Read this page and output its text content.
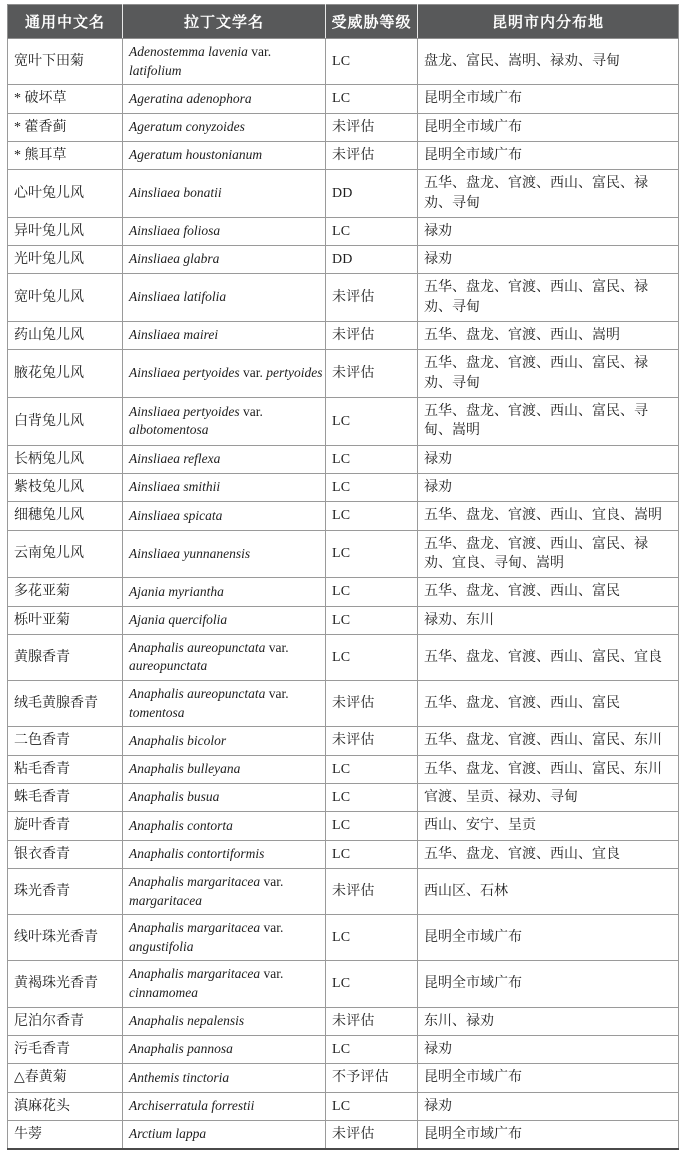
通用中文名	拉丁文学名	受威胁等级	昆明市内分布地
宽叶下田菊	Adenostemma lavenia var. latifolium	LC	盘龙、富民、嵩明、禄劝、寻甸
* 破坏草	Ageratina adenophora	LC	昆明全市域广布
* 藿香蓟	Ageratum conyzoides	未评估	昆明全市域广布
* 熊耳草	Ageratum houstonianum	未评估	昆明全市域广布
心叶兔儿风	Ainsliaea bonatii	DD	五华、盘龙、官渡、西山、富民、禄劝、寻甸
异叶兔儿风	Ainsliaea foliosa	LC	禄劝
光叶兔儿风	Ainsliaea glabra	DD	禄劝
宽叶兔儿风	Ainsliaea latifolia	未评估	五华、盘龙、官渡、西山、富民、禄劝、寻甸
药山兔儿风	Ainsliaea mairei	未评估	五华、盘龙、官渡、西山、嵩明
腋花兔儿风	Ainsliaea pertyoides var. pertyoides	未评估	五华、盘龙、官渡、西山、富民、禄劝、寻甸
白背兔儿风	Ainsliaea pertyoides var. albotomentosa	LC	五华、盘龙、官渡、西山、富民、寻甸、嵩明
长柄兔儿风	Ainsliaea reflexa	LC	禄劝
紫枝兔儿风	Ainsliaea smithii	LC	禄劝
细穗兔儿风	Ainsliaea spicata	LC	五华、盘龙、官渡、西山、宜良、嵩明
云南兔儿风	Ainsliaea yunnanensis	LC	五华、盘龙、官渡、西山、富民、禄劝、宜良、寻甸、嵩明
多花亚菊	Ajania myriantha	LC	五华、盘龙、官渡、西山、富民
栎叶亚菊	Ajania quercifolia	LC	禄劝、东川
黄腺香青	Anaphalis aureopunctata var. aureopunctata	LC	五华、盘龙、官渡、西山、富民、宜良
绒毛黄腺香青	Anaphalis aureopunctata var. tomentosa	未评估	五华、盘龙、官渡、西山、富民
二色香青	Anaphalis bicolor	未评估	五华、盘龙、官渡、西山、富民、东川
粘毛香青	Anaphalis bulleyana	LC	五华、盘龙、官渡、西山、富民、东川
蛛毛香青	Anaphalis busua	LC	官渡、呈贡、禄劝、寻甸
旋叶香青	Anaphalis contorta	LC	西山、安宁、呈贡
银衣香青	Anaphalis contortiformis	LC	五华、盘龙、官渡、西山、宜良
珠光香青	Anaphalis margaritacea var. margaritacea	未评估	西山区、石林
线叶珠光香青	Anaphalis margaritacea var. angustifolia	LC	昆明全市域广布
黄褐珠光香青	Anaphalis margaritacea var. cinnamomea	LC	昆明全市域广布
尼泊尔香青	Anaphalis nepalensis	未评估	东川、禄劝
污毛香青	Anaphalis pannosa	LC	禄劝
△春黄菊	Anthemis tinctoria	不予评估	昆明全市域广布
滇麻花头	Archiserratula forrestii	LC	禄劝
牛蒡	Arctium lappa	未评估	昆明全市域广布
